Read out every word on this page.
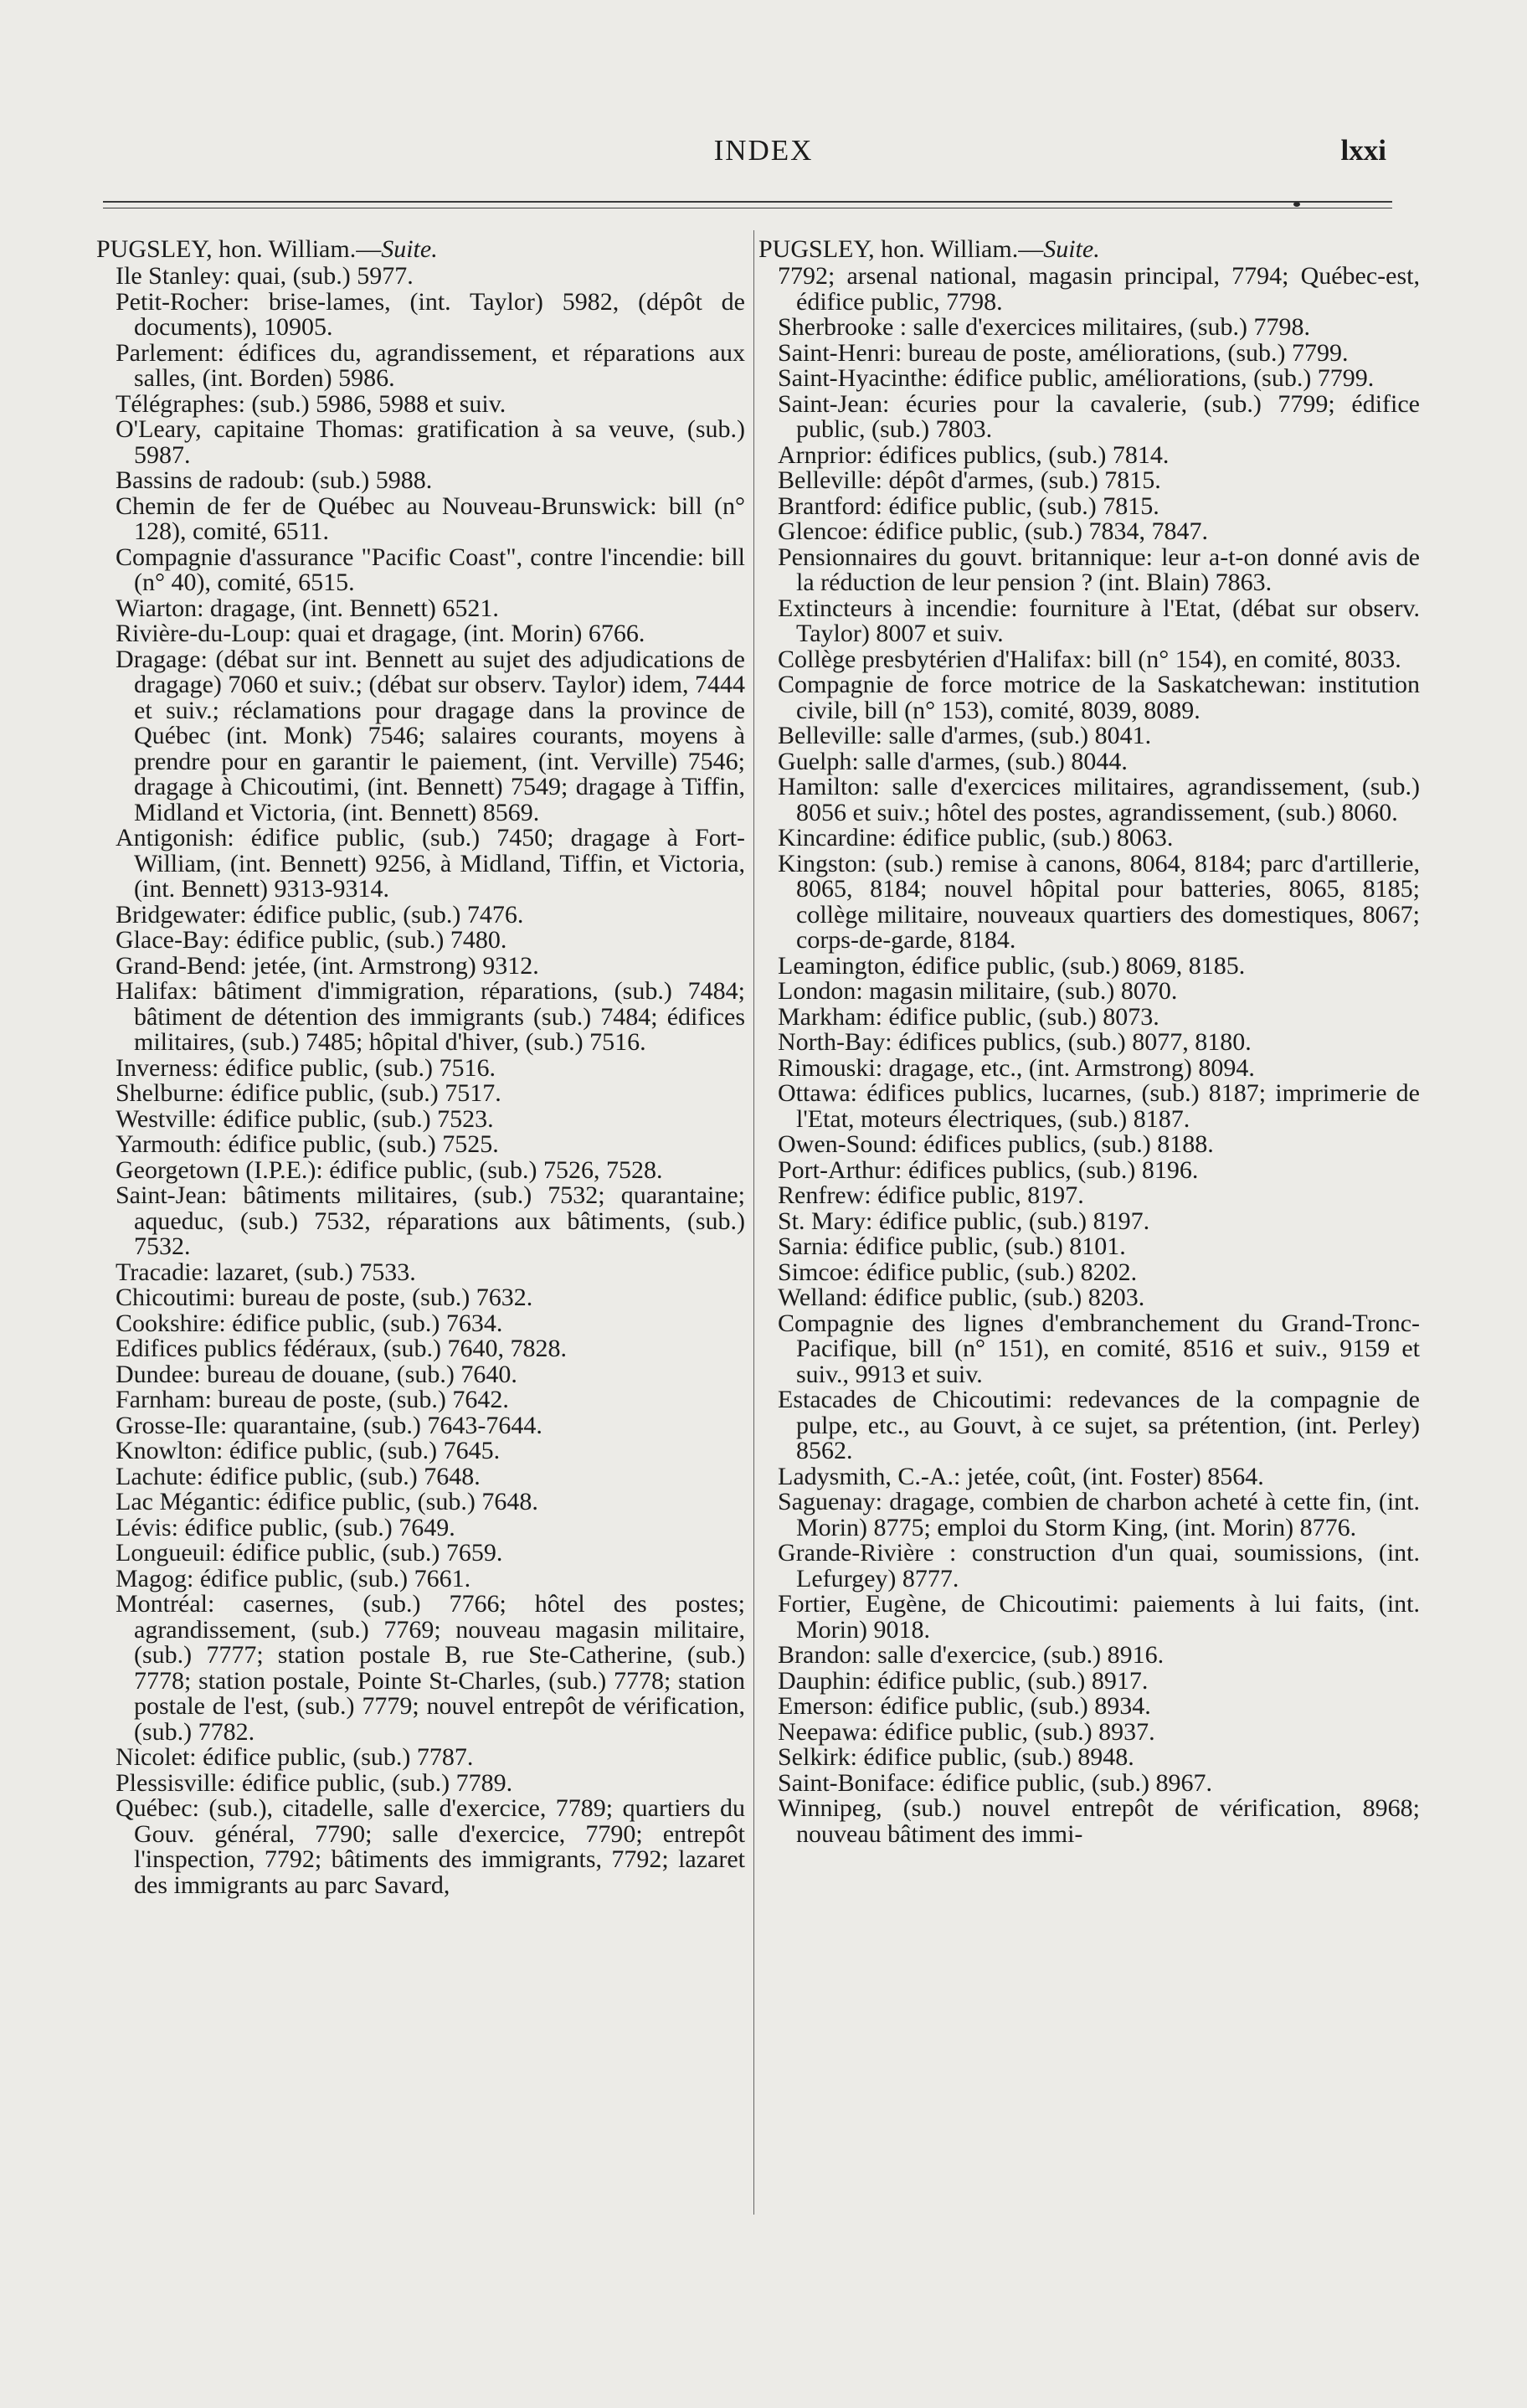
INDEX	lxxi
PUGSLEY, hon. William.—Suite.
Ile Stanley: quai, (sub.) 5977.
Petit-Rocher: brise-lames, (int. Taylor) 5982, (dépôt de documents), 10905.
Parlement: édifices du, agrandissement, et réparations aux salles, (int. Borden) 5986.
Télégraphes: (sub.) 5986, 5988 et suiv.
O'Leary, capitaine Thomas: gratification à sa veuve, (sub.) 5987.
Bassins de radoub: (sub.) 5988.
Chemin de fer de Québec au Nouveau-Brunswick: bill (n° 128), comité, 6511.
Compagnie d'assurance "Pacific Coast", contre l'incendie: bill (n° 40), comité, 6515.
Wiarton: dragage, (int. Bennett) 6521.
Rivière-du-Loup: quai et dragage, (int. Morin) 6766.
Dragage: (débat sur int. Bennett au sujet des adjudications de dragage) 7060 et suiv.; (débat sur observ. Taylor) idem, 7444 et suiv.; réclamations pour dragage dans la province de Québec (int. Monk) 7546; salaires courants, moyens à prendre pour en garantir le paiement, (int. Verville) 7546; dragage à Chicoutimi, (int. Bennett) 7549; dragage à Tiffin, Midland et Victoria, (int. Bennett) 8569.
Antigonish: édifice public, (sub.) 7450; dragage à Fort-William, (int. Bennett) 9256, à Midland, Tiffin, et Victoria, (int. Bennett) 9313-9314.
Bridgewater: édifice public, (sub.) 7476.
Glace-Bay: édifice public, (sub.) 7480.
Grand-Bend: jetée, (int. Armstrong) 9312.
Halifax: bâtiment d'immigration, réparations, (sub.) 7484; bâtiment de détention des immigrants (sub.) 7484; édifices militaires, (sub.) 7485; hôpital d'hiver, (sub.) 7516.
Inverness: édifice public, (sub.) 7516.
Shelburne: édifice public, (sub.) 7517.
Westville: édifice public, (sub.) 7523.
Yarmouth: édifice public, (sub.) 7525.
Georgetown (I.P.E.): édifice public, (sub.) 7526, 7528.
Saint-Jean: bâtiments militaires, (sub.) 7532; quarantaine; aqueduc, (sub.) 7532, réparations aux bâtiments, (sub.) 7532.
Tracadie: lazaret, (sub.) 7533.
Chicoutimi: bureau de poste, (sub.) 7632.
Cookshire: édifice public, (sub.) 7634.
Edifices publics fédéraux, (sub.) 7640, 7828.
Dundee: bureau de douane, (sub.) 7640.
Farnham: bureau de poste, (sub.) 7642.
Grosse-Ile: quarantaine, (sub.) 7643-7644.
Knowlton: édifice public, (sub.) 7645.
Lachute: édifice public, (sub.) 7648.
Lac Mégantic: édifice public, (sub.) 7648.
Lévis: édifice public, (sub.) 7649.
Longueuil: édifice public, (sub.) 7659.
Magog: édifice public, (sub.) 7661.
Montréal: casernes, (sub.) 7766; hôtel des postes; agrandissement, (sub.) 7769; nouveau magasin militaire, (sub.) 7777; station postale B, rue Ste-Catherine, (sub.) 7778; station postale, Pointe St-Charles, (sub.) 7778; station postale de l'est, (sub.) 7779; nouvel entrepôt de vérification, (sub.) 7782.
Nicolet: édifice public, (sub.) 7787.
Plessisville: édifice public, (sub.) 7789.
Québec: (sub.), citadelle, salle d'exercice, 7789; quartiers du Gouv. général, 7790; salle d'exercice, 7790; entrepôt l'inspection, 7792; bâtiments des immigrants, 7792; lazaret des immigrants au parc Savard,
PUGSLEY, hon. William.—Suite.
7792; arsenal national, magasin principal, 7794; Québec-est, édifice public, 7798.
Sherbrooke : salle d'exercices militaires, (sub.) 7798.
Saint-Henri: bureau de poste, améliorations, (sub.) 7799.
Saint-Hyacinthe: édifice public, améliorations, (sub.) 7799.
Saint-Jean: écuries pour la cavalerie, (sub.) 7799; édifice public, (sub.) 7803.
Arnprior: édifices publics, (sub.) 7814.
Belleville: dépôt d'armes, (sub.) 7815.
Brantford: édifice public, (sub.) 7815.
Glencoe: édifice public, (sub.) 7834, 7847.
Pensionnaires du gouvt. britannique: leur a-t-on donné avis de la réduction de leur pension ? (int. Blain) 7863.
Extincteurs à incendie: fourniture à l'Etat, (débat sur observ. Taylor) 8007 et suiv.
Collège presbytérien d'Halifax: bill (n° 154), en comité, 8033.
Compagnie de force motrice de la Saskatchewan: institution civile, bill (n° 153), comité, 8039, 8089.
Belleville: salle d'armes, (sub.) 8041.
Guelph: salle d'armes, (sub.) 8044.
Hamilton: salle d'exercices militaires, agrandissement, (sub.) 8056 et suiv.; hôtel des postes, agrandissement, (sub.) 8060.
Kincardine: édifice public, (sub.) 8063.
Kingston: (sub.) remise à canons, 8064, 8184; parc d'artillerie, 8065, 8184; nouvel hôpital pour batteries, 8065, 8185; collège militaire, nouveaux quartiers des domestiques, 8067; corps-de-garde, 8184.
Leamington, édifice public, (sub.) 8069, 8185.
London: magasin militaire, (sub.) 8070.
Markham: édifice public, (sub.) 8073.
North-Bay: édifices publics, (sub.) 8077, 8180.
Rimouski: dragage, etc., (int. Armstrong) 8094.
Ottawa: édifices publics, lucarnes, (sub.) 8187; imprimerie de l'Etat, moteurs électriques, (sub.) 8187.
Owen-Sound: édifices publics, (sub.) 8188.
Port-Arthur: édifices publics, (sub.) 8196.
Renfrew: édifice public, 8197.
St. Mary: édifice public, (sub.) 8197.
Sarnia: édifice public, (sub.) 8101.
Simcoe: édifice public, (sub.) 8202.
Welland: édifice public, (sub.) 8203.
Compagnie des lignes d'embranchement du Grand-Tronc-Pacifique, bill (n° 151), en comité, 8516 et suiv., 9159 et suiv., 9913 et suiv.
Estacades de Chicoutimi: redevances de la compagnie de pulpe, etc., au Gouvt, à ce sujet, sa prétention, (int. Perley) 8562.
Ladysmith, C.-A.: jetée, coût, (int. Foster) 8564.
Saguenay: dragage, combien de charbon acheté à cette fin, (int. Morin) 8775; emploi du Storm King, (int. Morin) 8776.
Grande-Rivière : construction d'un quai, soumissions, (int. Lefurgey) 8777.
Fortier, Eugène, de Chicoutimi: paiements à lui faits, (int. Morin) 9018.
Brandon: salle d'exercice, (sub.) 8916.
Dauphin: édifice public, (sub.) 8917.
Emerson: édifice public, (sub.) 8934.
Neepawa: édifice public, (sub.) 8937.
Selkirk: édifice public, (sub.) 8948.
Saint-Boniface: édifice public, (sub.) 8967.
Winnipeg, (sub.) nouvel entrepôt de vérification, 8968; nouveau bâtiment des immi-
